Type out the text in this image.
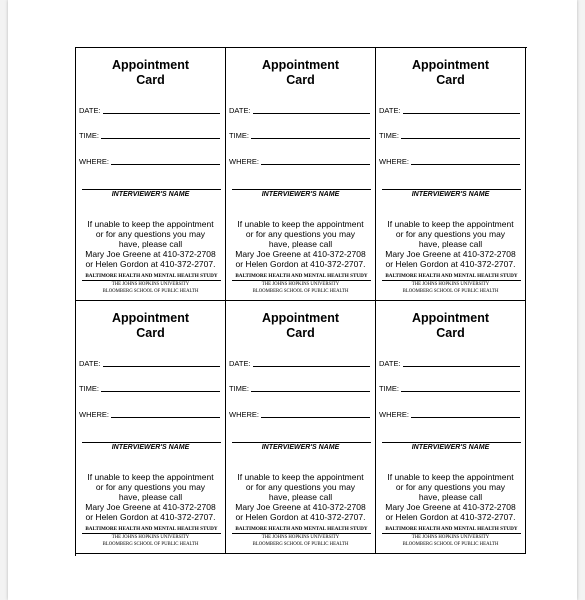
Appointment
Card
DATE:
TIME:
WHERE:
INTERVIEWER'S NAME
If unable to keep the appointment
or for any questions you may
have, please call
Mary Joe Greene at 410-372-2708
or Helen Gordon at 410-372-2707.
BALTIMORE HEALTH AND MENTAL HEALTH STUDY
THE JOHNS HOPKINS UNIVERSITY
BLOOMBERG SCHOOL OF PUBLIC HEALTH
Appointment
Card
DATE:
TIME:
WHERE:
INTERVIEWER'S NAME
If unable to keep the appointment
or for any questions you may
have, please call
Mary Joe Greene at 410-372-2708
or Helen Gordon at 410-372-2707.
BALTIMORE HEALTH AND MENTAL HEALTH STUDY
THE JOHNS HOPKINS UNIVERSITY
BLOOMBERG SCHOOL OF PUBLIC HEALTH
Appointment
Card
DATE:
TIME:
WHERE:
INTERVIEWER'S NAME
If unable to keep the appointment
or for any questions you may
have, please call
Mary Joe Greene at 410-372-2708
or Helen Gordon at 410-372-2707.
BALTIMORE HEALTH AND MENTAL HEALTH STUDY
THE JOHNS HOPKINS UNIVERSITY
BLOOMBERG SCHOOL OF PUBLIC HEALTH
Appointment
Card
DATE:
TIME:
WHERE:
INTERVIEWER'S NAME
If unable to keep the appointment
or for any questions you may
have, please call
Mary Joe Greene at 410-372-2708
or Helen Gordon at 410-372-2707.
BALTIMORE HEALTH AND MENTAL HEALTH STUDY
THE JOHNS HOPKINS UNIVERSITY
BLOOMBERG SCHOOL OF PUBLIC HEALTH
Appointment
Card
DATE:
TIME:
WHERE:
INTERVIEWER'S NAME
If unable to keep the appointment
or for any questions you may
have, please call
Mary Joe Greene at 410-372-2708
or Helen Gordon at 410-372-2707.
BALTIMORE HEALTH AND MENTAL HEALTH STUDY
THE JOHNS HOPKINS UNIVERSITY
BLOOMBERG SCHOOL OF PUBLIC HEALTH
Appointment
Card
DATE:
TIME:
WHERE:
INTERVIEWER'S NAME
If unable to keep the appointment
or for any questions you may
have, please call
Mary Joe Greene at 410-372-2708
or Helen Gordon at 410-372-2707.
BALTIMORE HEALTH AND MENTAL HEALTH STUDY
THE JOHNS HOPKINS UNIVERSITY
BLOOMBERG SCHOOL OF PUBLIC HEALTH
